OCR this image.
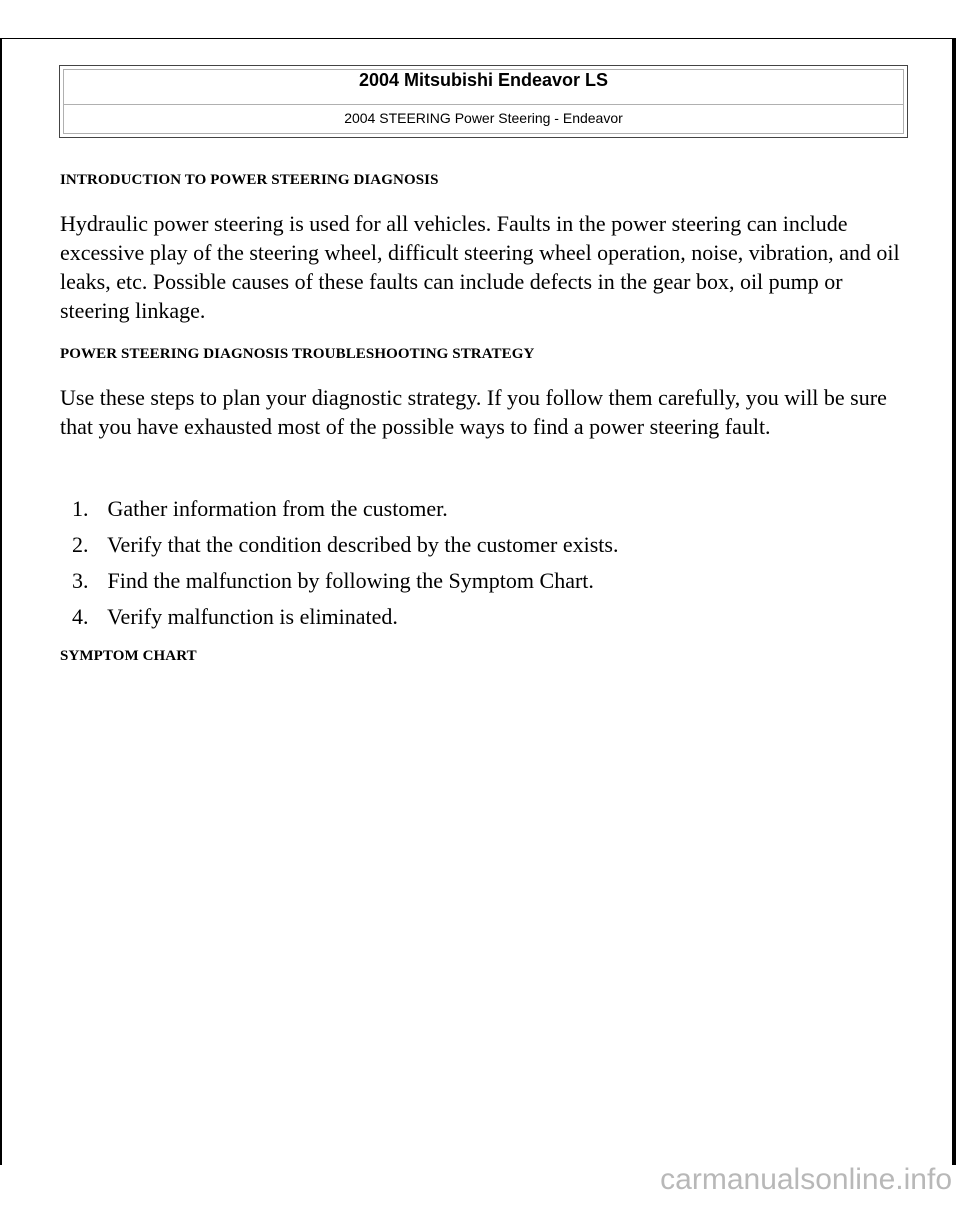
2004 Mitsubishi Endeavor LS
2004 STEERING Power Steering - Endeavor
INTRODUCTION TO POWER STEERING DIAGNOSIS
Hydraulic power steering is used for all vehicles. Faults in the power steering can include excessive play of the steering wheel, difficult steering wheel operation, noise, vibration, and oil leaks, etc. Possible causes of these faults can include defects in the gear box, oil pump or steering linkage.
POWER STEERING DIAGNOSIS TROUBLESHOOTING STRATEGY
Use these steps to plan your diagnostic strategy. If you follow them carefully, you will be sure that you have exhausted most of the possible ways to find a power steering fault.
1. Gather information from the customer.
2. Verify that the condition described by the customer exists.
3. Find the malfunction by following the Symptom Chart.
4. Verify malfunction is eliminated.
SYMPTOM CHART
carmanualsonline.info
